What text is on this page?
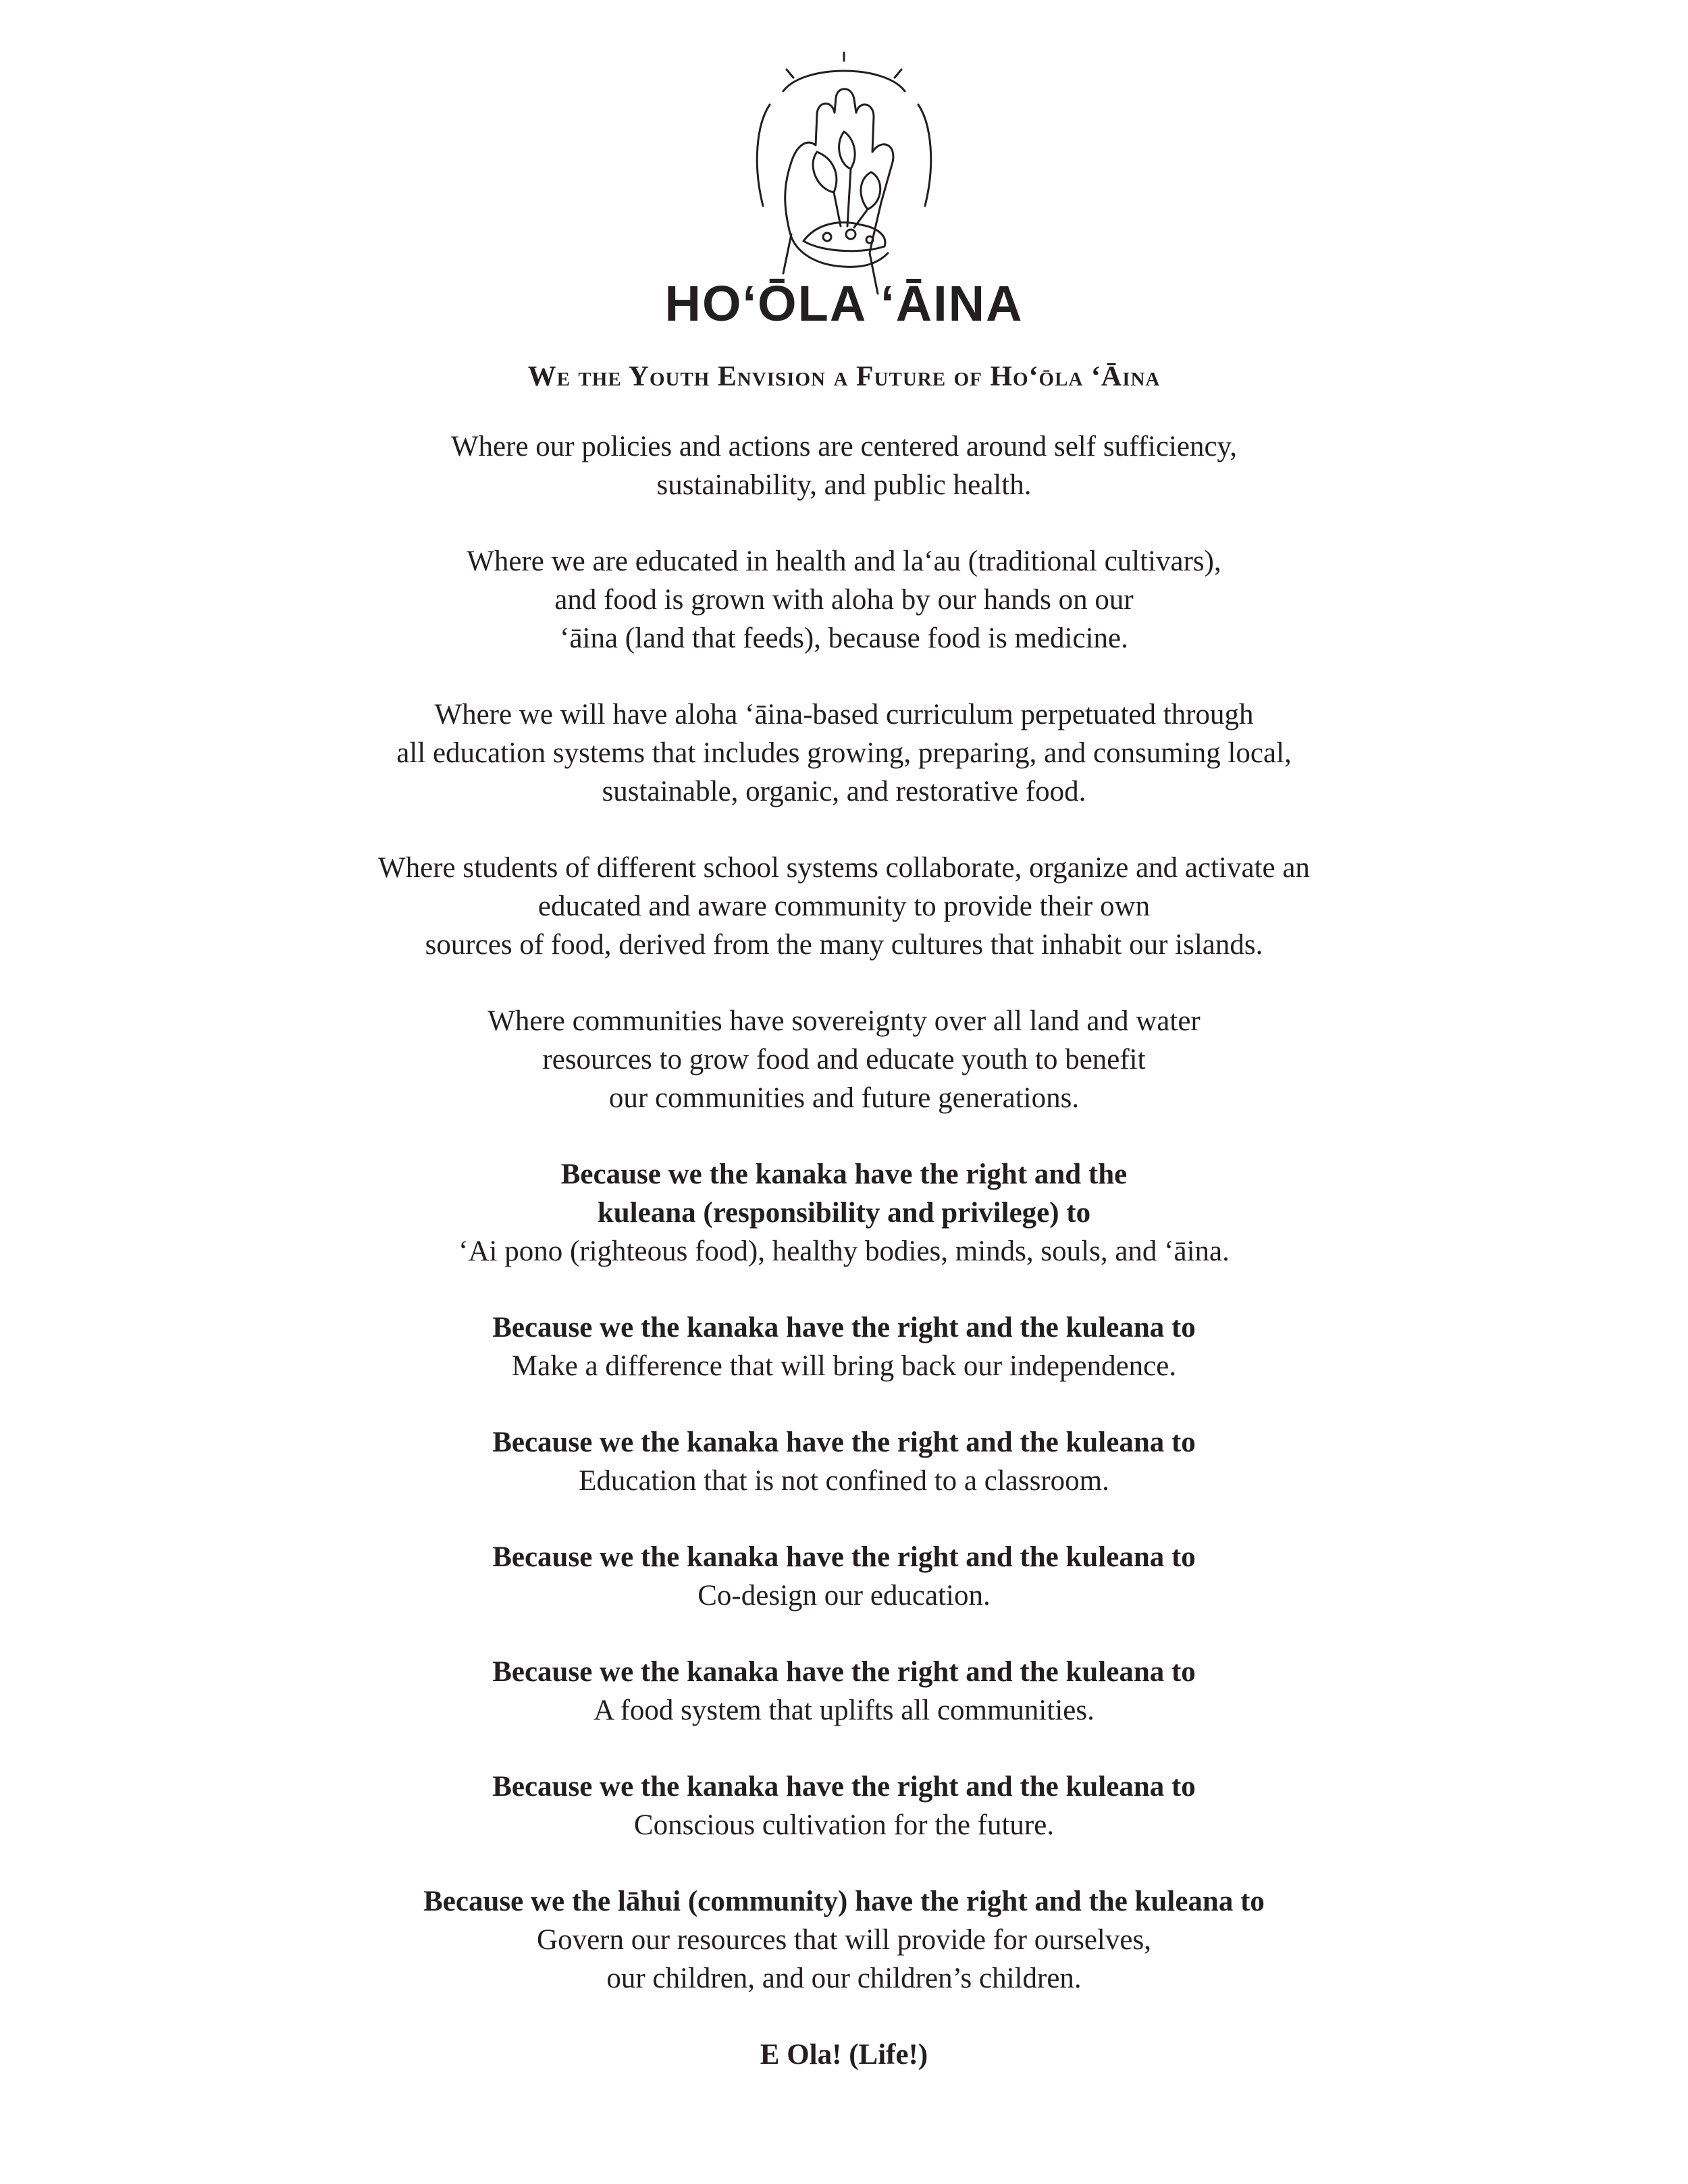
HOʻŌLA ʻĀINA
We the Youth Envision a Future of Hoʻōla ʻĀina

Where our policies and actions are centered around self sufficiency,

sustainability, and public health.

Where we are educated in health and laʻau (traditional cultivars),

and food is grown with aloha by our hands on our

ʻāina (land that feeds), because food is medicine.

Where we will have aloha ʻāina-based curriculum perpetuated through

all education systems that includes growing, preparing, and consuming local,

sustainable, organic, and restorative food.

Where students of different school systems collaborate, organize and activate an

educated and aware community to provide their own

sources of food, derived from the many cultures that inhabit our islands.

Where communities have sovereignty over all land and water

resources to grow food and educate youth to benefit

our communities and future generations.

Because we the kanaka have the right and the

kuleana (responsibility and privilege) to

ʻAi pono (righteous food), healthy bodies, minds, souls, and ʻāina.

Because we the kanaka have the right and the kuleana to

Make a difference that will bring back our independence.

Because we the kanaka have the right and the kuleana to

Education that is not confined to a classroom.

Because we the kanaka have the right and the kuleana to

Co-design our education.

Because we the kanaka have the right and the kuleana to

A food system that uplifts all communities.

Because we the kanaka have the right and the kuleana to

Conscious cultivation for the future.

Because we the lāhui (community) have the right and the kuleana to

Govern our resources that will provide for ourselves,

our children, and our children’s children.

E Ola! (Life!)
